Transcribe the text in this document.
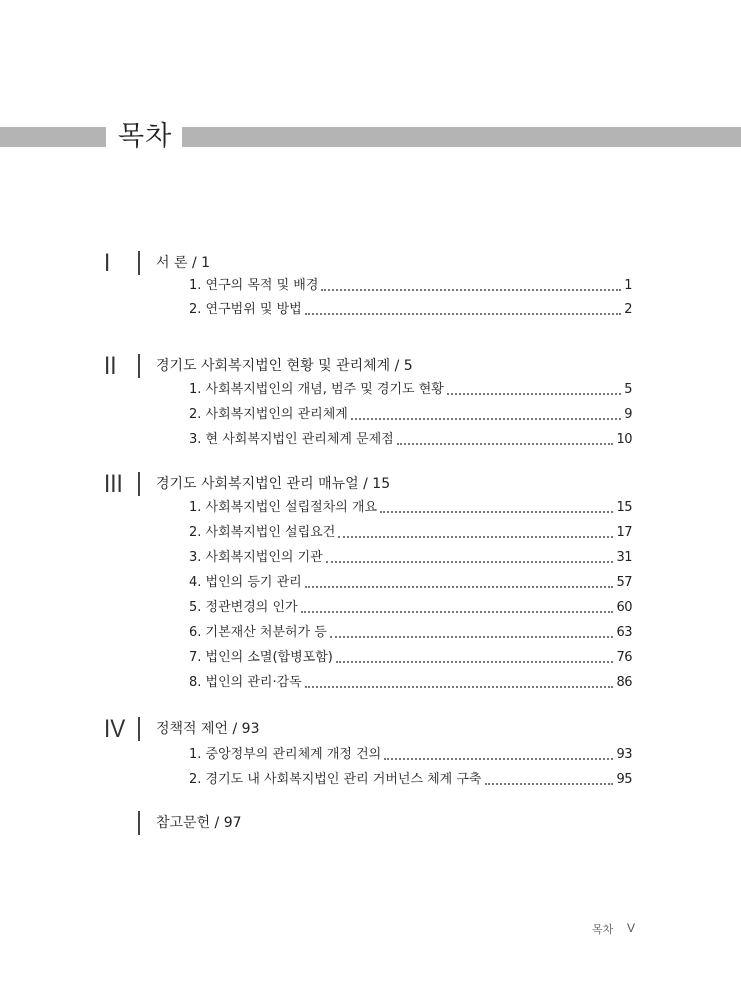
목차
I	서 론 / 1
1. 연구의 목적 및 배경	1
2. 연구범위 및 방법	2
II	경기도 사회복지법인 현황 및 관리체계 / 5
1. 사회복지법인의 개념, 범주 및 경기도 현황	5
2. 사회복지법인의 관리체계	9
3. 현 사회복지법인 관리체계 문제점	10
III	경기도 사회복지법인 관리 매뉴얼 / 15
1. 사회복지법인 설립절차의 개요	15
2. 사회복지법인 설립요건	17
3. 사회복지법인의 기관	31
4. 법인의 등기 관리	57
5. 정관변경의 인가	60
6. 기본재산 처분허가 등	63
7. 법인의 소멸(합병포함)	76
8. 법인의 관리·감독	86
IV	정책적 제언 / 93
1. 중앙정부의 관리체계 개정 건의	93
2. 경기도 내 사회복지법인 관리 거버넌스 체계 구축	95
참고문헌 / 97
목차 V
